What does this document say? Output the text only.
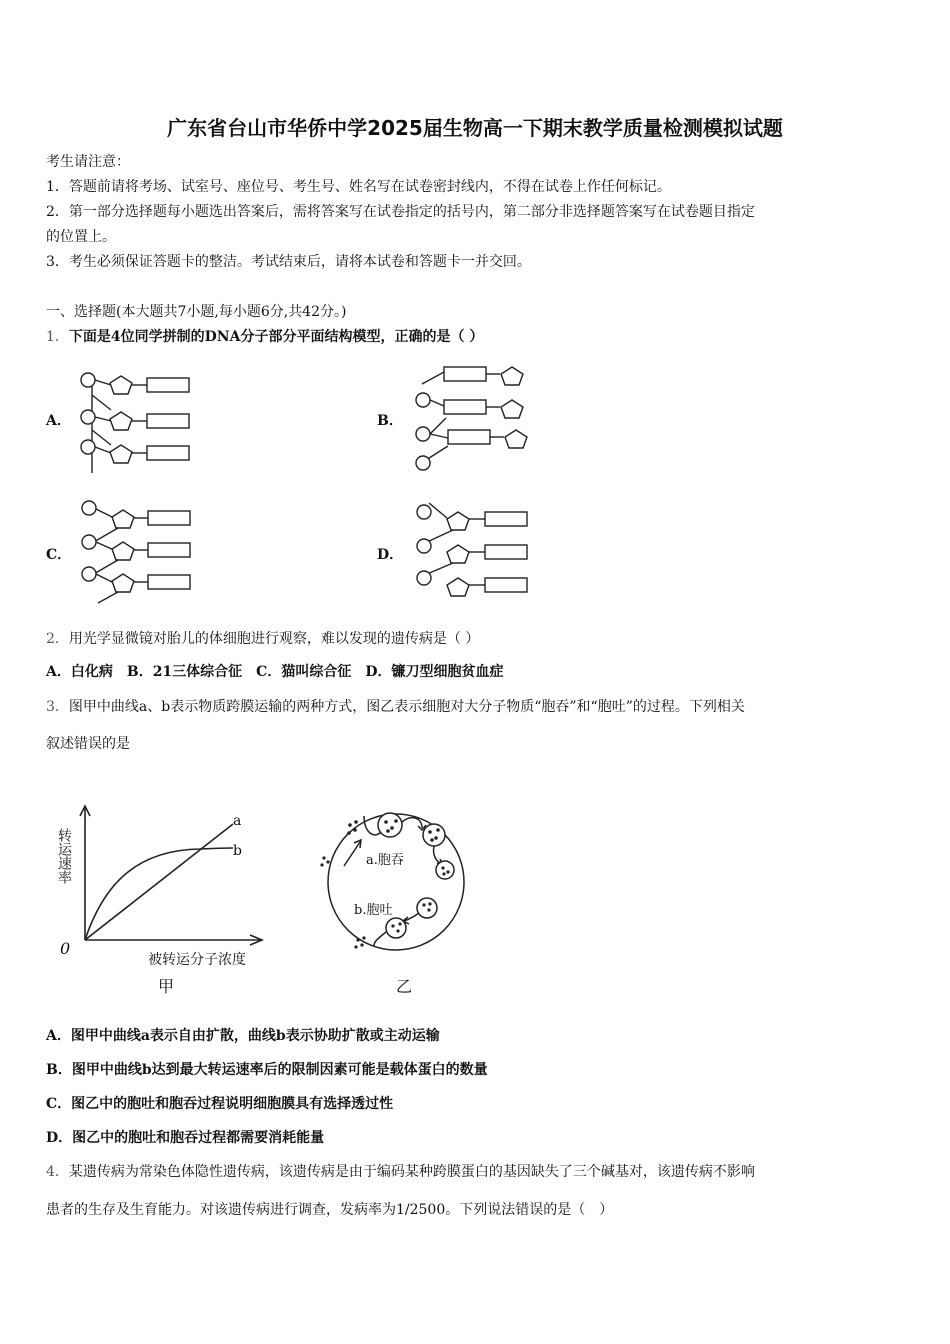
广东省台山市华侨中学2025届生物高一下期末教学质量检测模拟试题
考生请注意：
1．答题前请将考场、试室号、座位号、考生号、姓名写在试卷密封线内，不得在试卷上作任何标记。
2．第一部分选择题每小题选出答案后，需将答案写在试卷指定的括号内，第二部分非选择题答案写在试卷题目指定
的位置上。
3．考生必须保证答题卡的整洁。考试结束后，请将本试卷和答题卡一并交回。
一、选择题(本大题共7小题,每小题6分,共42分。)
1．下面是4位同学拼制的DNA分子部分平面结构模型，正确的是（ ）
A．	B．
C．	D．
2．用光学显微镜对胎儿的体细胞进行观察，难以发现的遗传病是（ ）
A．白化病　B．21三体综合征　C．猫叫综合征　D．镰刀型细胞贫血症
3．图甲中曲线a、b表示物质跨膜运输的两种方式，图乙表示细胞对大分子物质“胞吞”和“胞吐”的过程。下列相关
叙述错误的是
转运速率
0
a
b
被转运分子浓度
甲
a.胞吞
b.胞吐
乙
A．图甲中曲线a表示自由扩散，曲线b表示协助扩散或主动运输
B．图甲中曲线b达到最大转运速率后的限制因素可能是载体蛋白的数量
C．图乙中的胞吐和胞吞过程说明细胞膜具有选择透过性
D．图乙中的胞吐和胞吞过程都需要消耗能量
4．某遗传病为常染色体隐性遗传病，该遗传病是由于编码某种跨膜蛋白的基因缺失了三个碱基对，该遗传病不影响
患者的生存及生育能力。对该遗传病进行调查，发病率为1/2500。下列说法错误的是（　）
